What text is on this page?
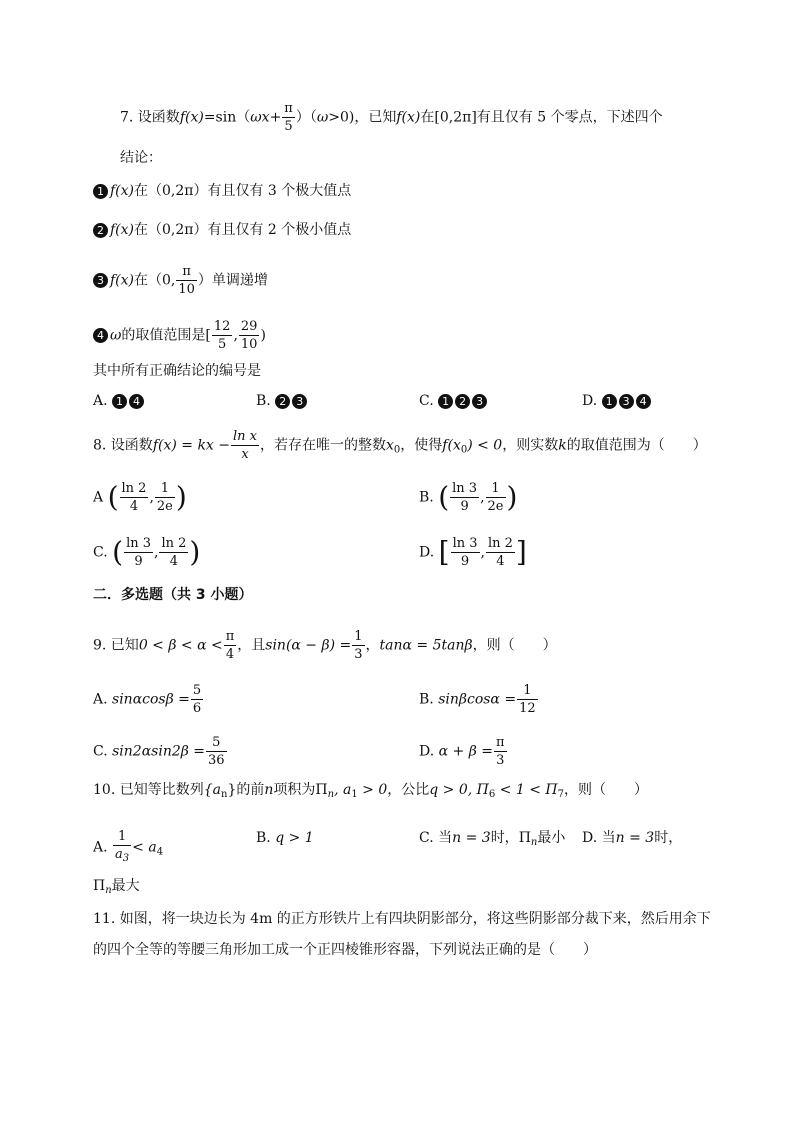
7. 设函数$f(x)=\sin(\omega x+ \frac{\pi}{5} )(\omega>0)$，已知f(x)在[0,2π]有且仅有 5 个零点，下述四个
结论：
1 f(x)在（0,2π）有且仅有 3 个极大值点
2 f(x)在（0,2π）有且仅有 2 个极小值点
3 f(x)在（0, $\frac{\pi}{10}$ ）单调递增
4 ω的取值范围是[ $\frac{12}{5}$ , $\frac{29}{10}$ )
其中所有正确结论的编号是
A. 1 4	B. 2 3	C. 1 2 3	D. 1 3 4
8. 设函数f(x) = kx − $\frac{\text{ln x}}{x}$ ，若存在唯一的整数$x_0$，使得$f(x_0) < 0$，则实数k的取值范围为（　　）
A ( $\frac{\ln 2}{4}$ , $\frac{1}{2e}$ )	B. ( $\frac{\ln 3}{9}$ , $\frac{1}{2e}$ )
C. ( $\frac{\ln 3}{9}$ , $\frac{\ln 2}{4}$ )	D. [ $\frac{\ln 3}{9}$ , $\frac{\ln 2}{4}$ ]
二．多选题（共 3 小题）
9. 已知$0 < \beta < \alpha < \frac{\pi}{4}$ ，且$\sin(\alpha - \beta) = \frac{1}{3}$ ，tanα = 5tanβ，则（　　）
A. $\sin\alpha\cos\beta = \frac{5}{6}$	B. $\sin\beta\cos\alpha = \frac{1}{12}$
C. $\sin 2\alpha\sin 2\beta = \frac{5}{36}$	D. $\alpha + \beta = \frac{\pi}{3}$
10. 已知等比数列$\{a_n\}$的前n项积为$\Pi_n$, $a_1 > 0$，公比q > 0, $\Pi_6 < 1 < \Pi_7$，则（　　）
A. $\frac{1}{a_3} < a_4$
B. q > 1	C. 当n = 3时，$\Pi_n$最小 D. 当n = 3时，
$\Pi_n$最大
11. 如图，将一块边长为 4m 的正方形铁片上有四块阴影部分，将这些阴影部分裁下来，然后用余下
的四个全等的等腰三角形加工成一个正四棱锥形容器，下列说法正确的是（　　）
